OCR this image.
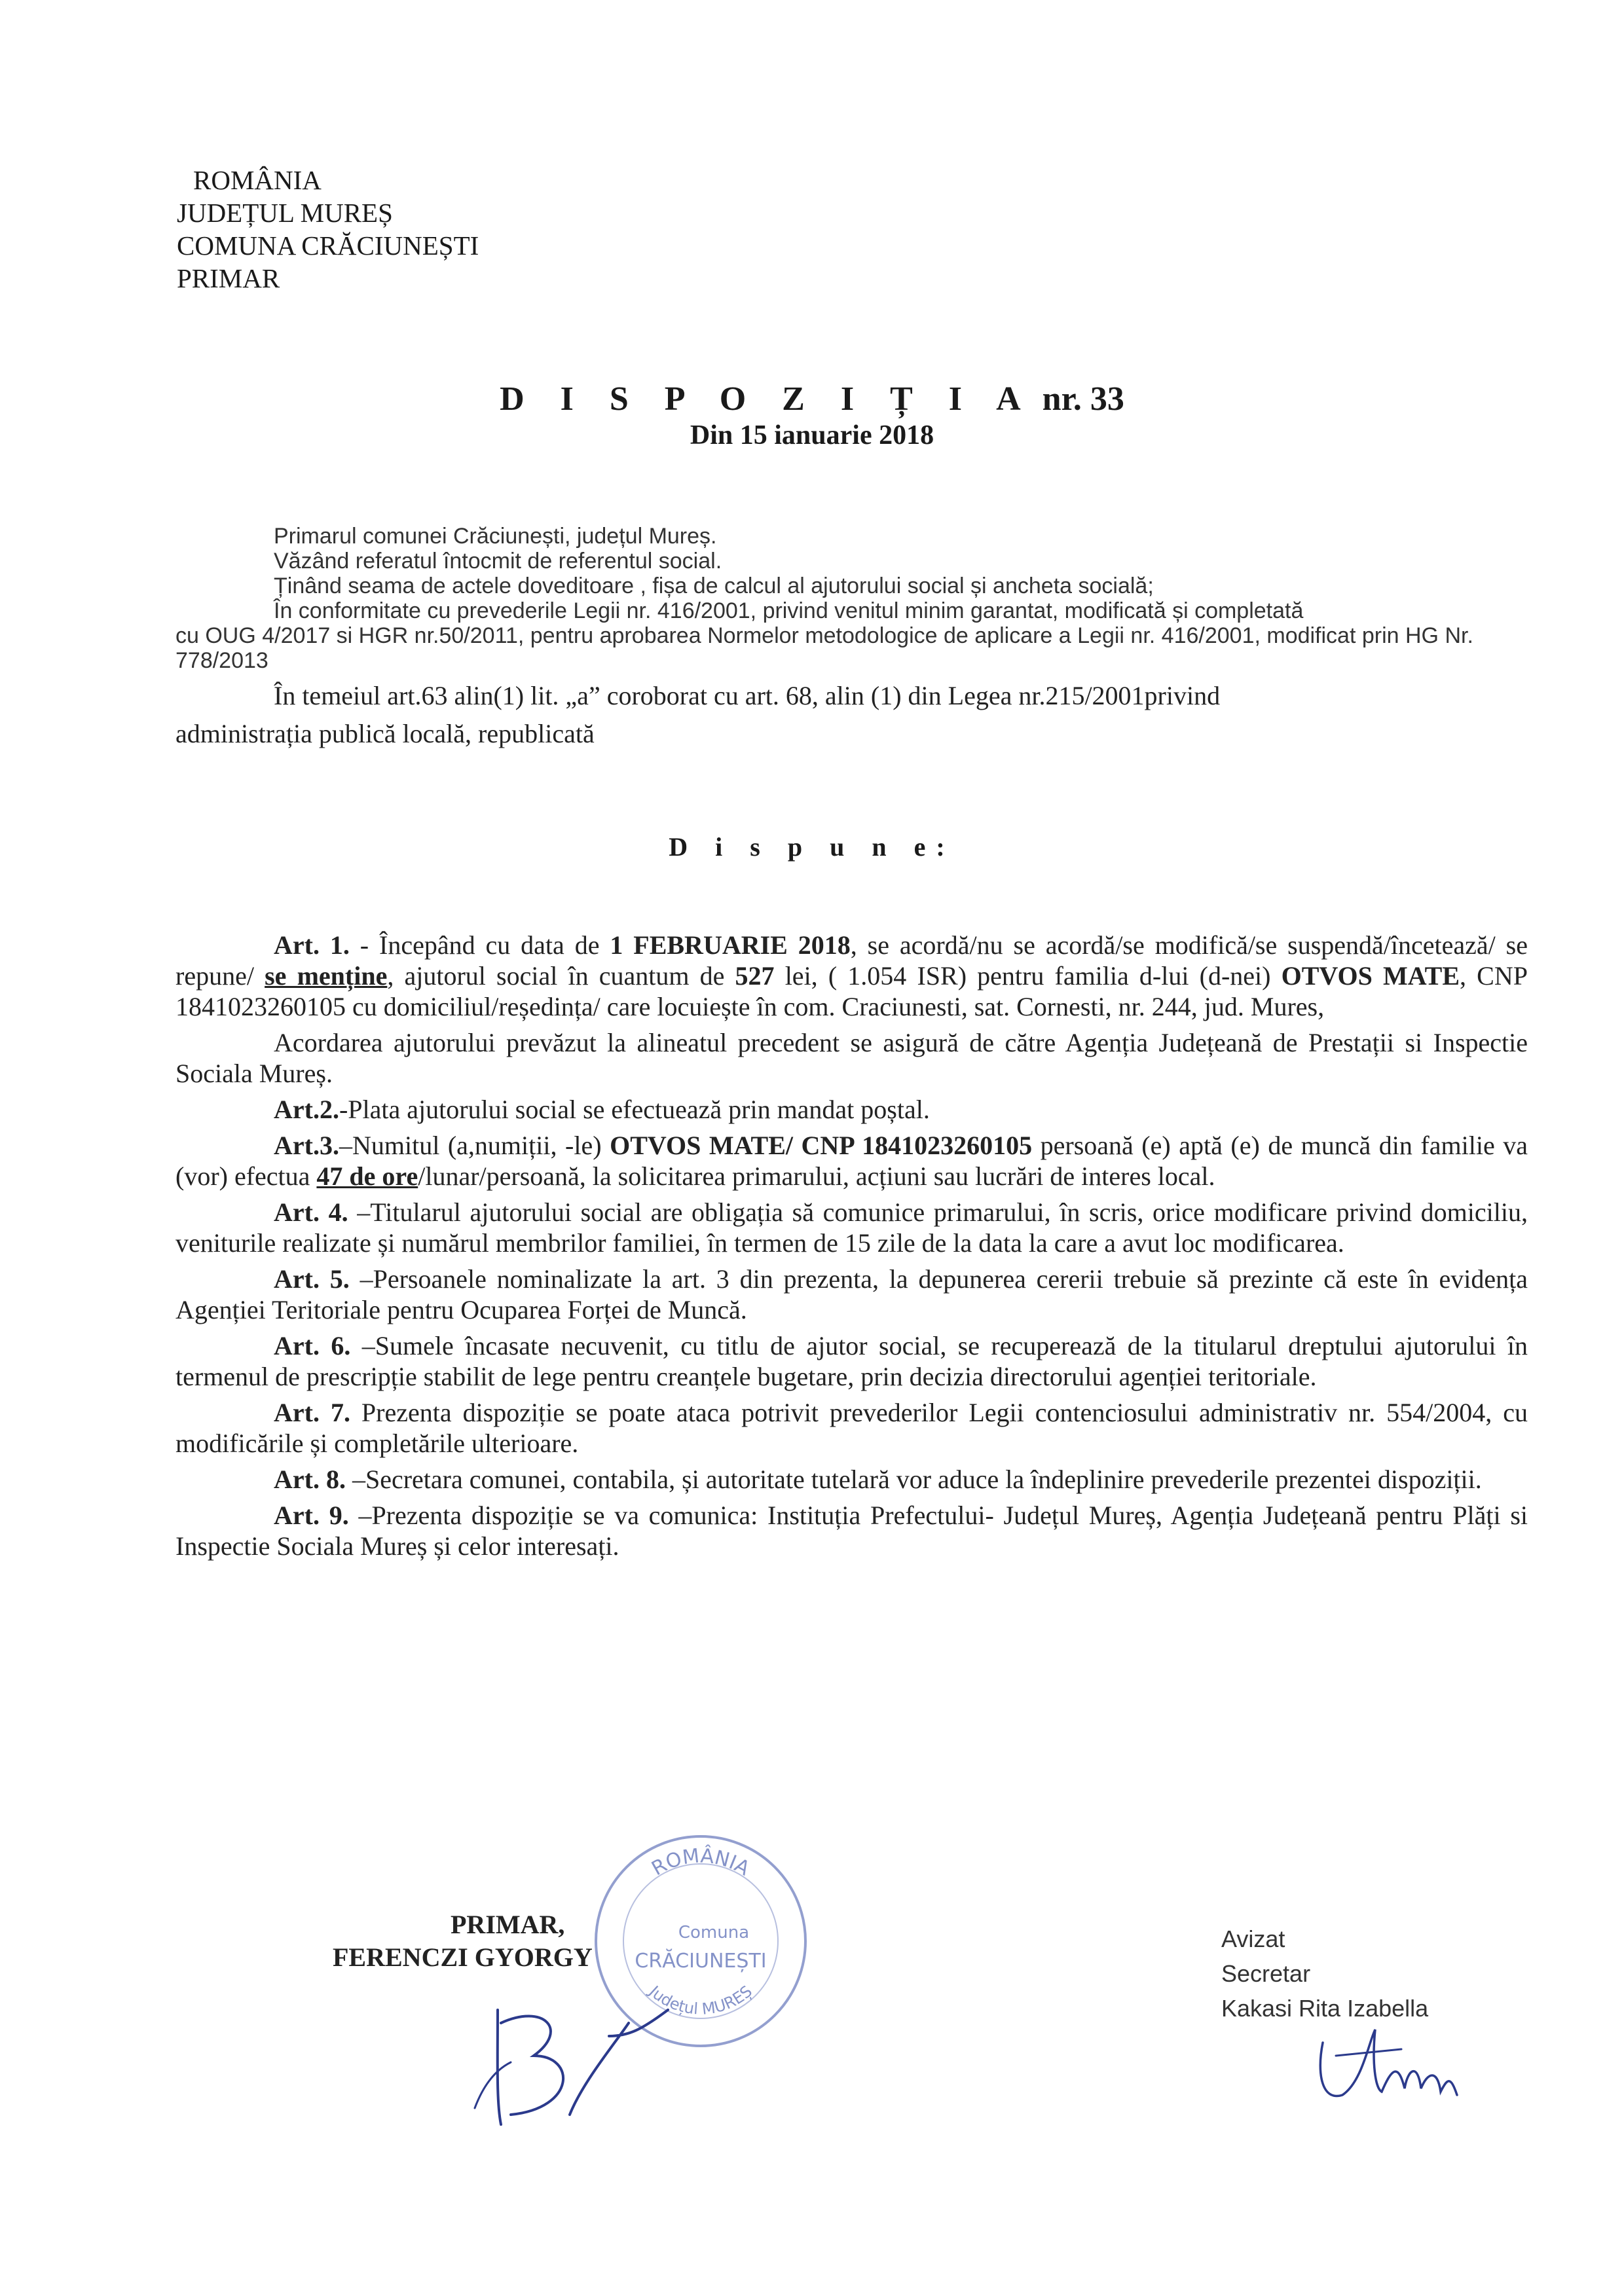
ROMÂNIA
JUDEȚUL MUREȘ
COMUNA CRĂCIUNEȘTI
PRIMAR
D I S P O Z I Ț I A nr. 33
Din 15 ianuarie 2018

Primarul comunei Crăciunești, județul Mureș.

Văzând referatul întocmit de referentul social.

Ținând seama de actele doveditoare , fișa de calcul al ajutorului social și ancheta socială;

În conformitate cu prevederile Legii nr. 416/2001, privind venitul minim garantat, modificată și completată

cu OUG 4/2017 si HGR nr.50/2011, pentru aprobarea Normelor metodologice de aplicare a Legii nr. 416/2001, modificat prin HG Nr. 778/2013

În temeiul art.63 alin(1) lit. „a” coroborat cu art. 68, alin (1) din Legea nr.215/2001privind

administrația publică locală, republicată

D i s p u n e:

Art. 1. - Începând cu data de 1 FEBRUARIE 2018, se acordă/nu se acordă/se modifică/se suspendă/încetează/ se repune/ se menține, ajutorul social în cuantum de 527 lei, ( 1.054 ISR) pentru familia d-lui (d-nei) OTVOS MATE, CNP 1841023260105 cu domiciliul/reședința/ care locuiește în com. Craciunesti, sat. Cornesti, nr. 244, jud. Mures,

Acordarea ajutorului prevăzut la alineatul precedent se asigură de către Agenția Județeană de Prestații si Inspectie Sociala Mureș.

Art.2.-Plata ajutorului social se efectuează prin mandat poștal.

Art.3.–Numitul (a,numiții, -le) OTVOS MATE/ CNP 1841023260105 persoană (e) aptă (e) de muncă din familie va (vor) efectua 47 de ore/lunar/persoană, la solicitarea primarului, acțiuni sau lucrări de interes local.

Art. 4. –Titularul ajutorului social are obligația să comunice primarului, în scris, orice modificare privind domiciliu, veniturile realizate și numărul membrilor familiei, în termen de 15 zile de la data la care a avut loc modificarea.

Art. 5. –Persoanele nominalizate la art. 3 din prezenta, la depunerea cererii trebuie să prezinte că este în evidența Agenției Teritoriale pentru Ocuparea Forței de Muncă.

Art. 6. –Sumele încasate necuvenit, cu titlu de ajutor social, se recuperează de la titularul dreptului ajutorului în termenul de prescripție stabilit de lege pentru creanțele bugetare, prin decizia directorului agenției teritoriale.

Art. 7. Prezenta dispoziție se poate ataca potrivit prevederilor Legii contenciosului administrativ nr. 554/2004, cu modificările și completările ulterioare.

Art. 8. –Secretara comunei, contabila, și autoritate tutelară vor aduce la îndeplinire prevederile prezentei dispoziții.

Art. 9. –Prezenta dispoziție se va comunica: Instituția Prefectului- Județul Mureș, Agenția Județeană pentru Plăți si Inspectie Sociala Mureș și celor interesați.

PRIMAR,
FERENCZI GYORGY
ROMÂNIA
Comuna
CRĂCIUNEȘTI
Județul MUREȘ
Avizat
Secretar
Kakasi Rita Izabella
